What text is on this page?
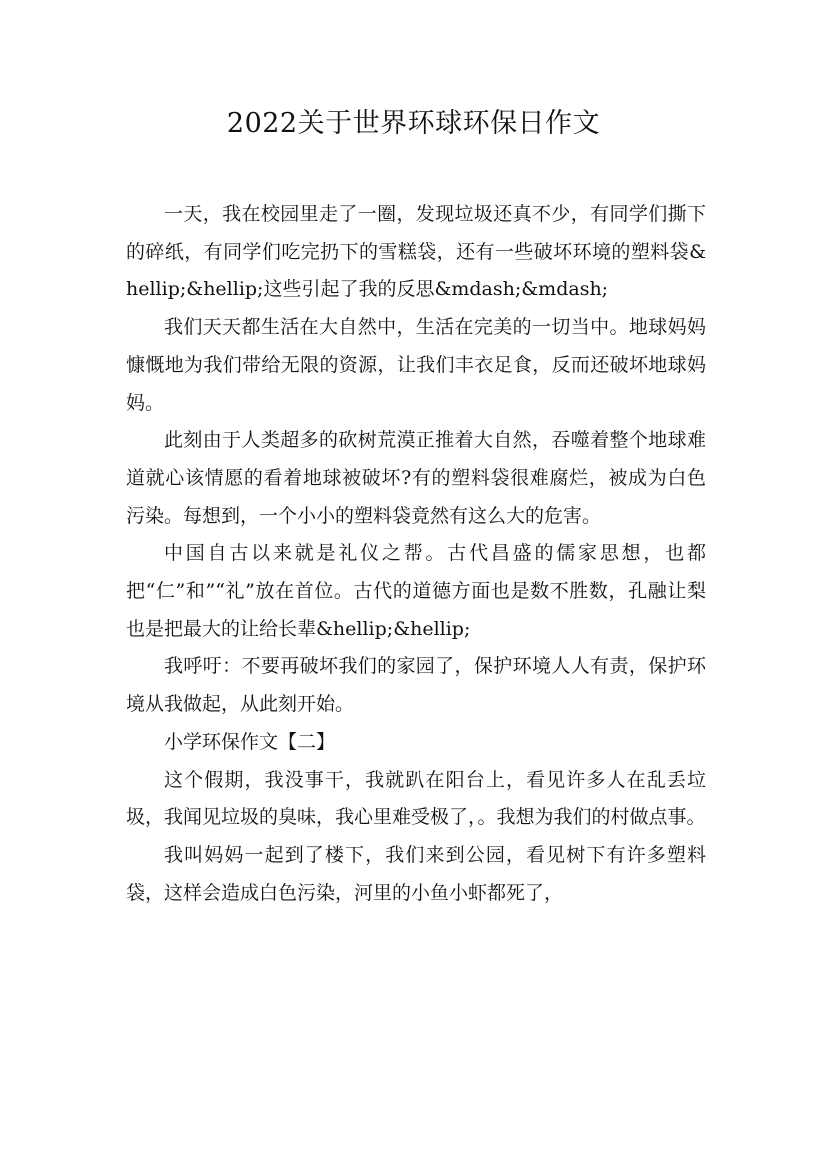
2022关于世界环球环保日作文

一天，我在校园里走了一圈，发现垃圾还真不少，有同学们撕下的碎纸，有同学们吃完扔下的雪糕袋，还有一些破坏环境的塑料袋&hellip;&hellip;这些引起了我的反思&mdash;&mdash;

我们天天都生活在大自然中，生活在完美的一切当中。地球妈妈慷慨地为我们带给无限的资源，让我们丰衣足食，反而还破坏地球妈妈。

此刻由于人类超多的砍树荒漠正推着大自然，吞噬着整个地球难道就心该情愿的看着地球被破坏?有的塑料袋很难腐烂，被成为白色污染。每想到，一个小小的塑料袋竟然有这么大的危害。

中国自古以来就是礼仪之帮。古代昌盛的儒家思想，也都把“仁”和”“礼”放在首位。古代的道德方面也是数不胜数，孔融让梨也是把最大的让给长辈&hellip;&hellip;

我呼吁：不要再破坏我们的家园了，保护环境人人有责，保护环境从我做起，从此刻开始。

小学环保作文【二】

这个假期，我没事干，我就趴在阳台上，看见许多人在乱丢垃圾，我闻见垃圾的臭味，我心里难受极了，。我想为我们的村做点事。

我叫妈妈一起到了楼下，我们来到公园，看见树下有许多塑料袋，这样会造成白色污染，河里的小鱼小虾都死了，
